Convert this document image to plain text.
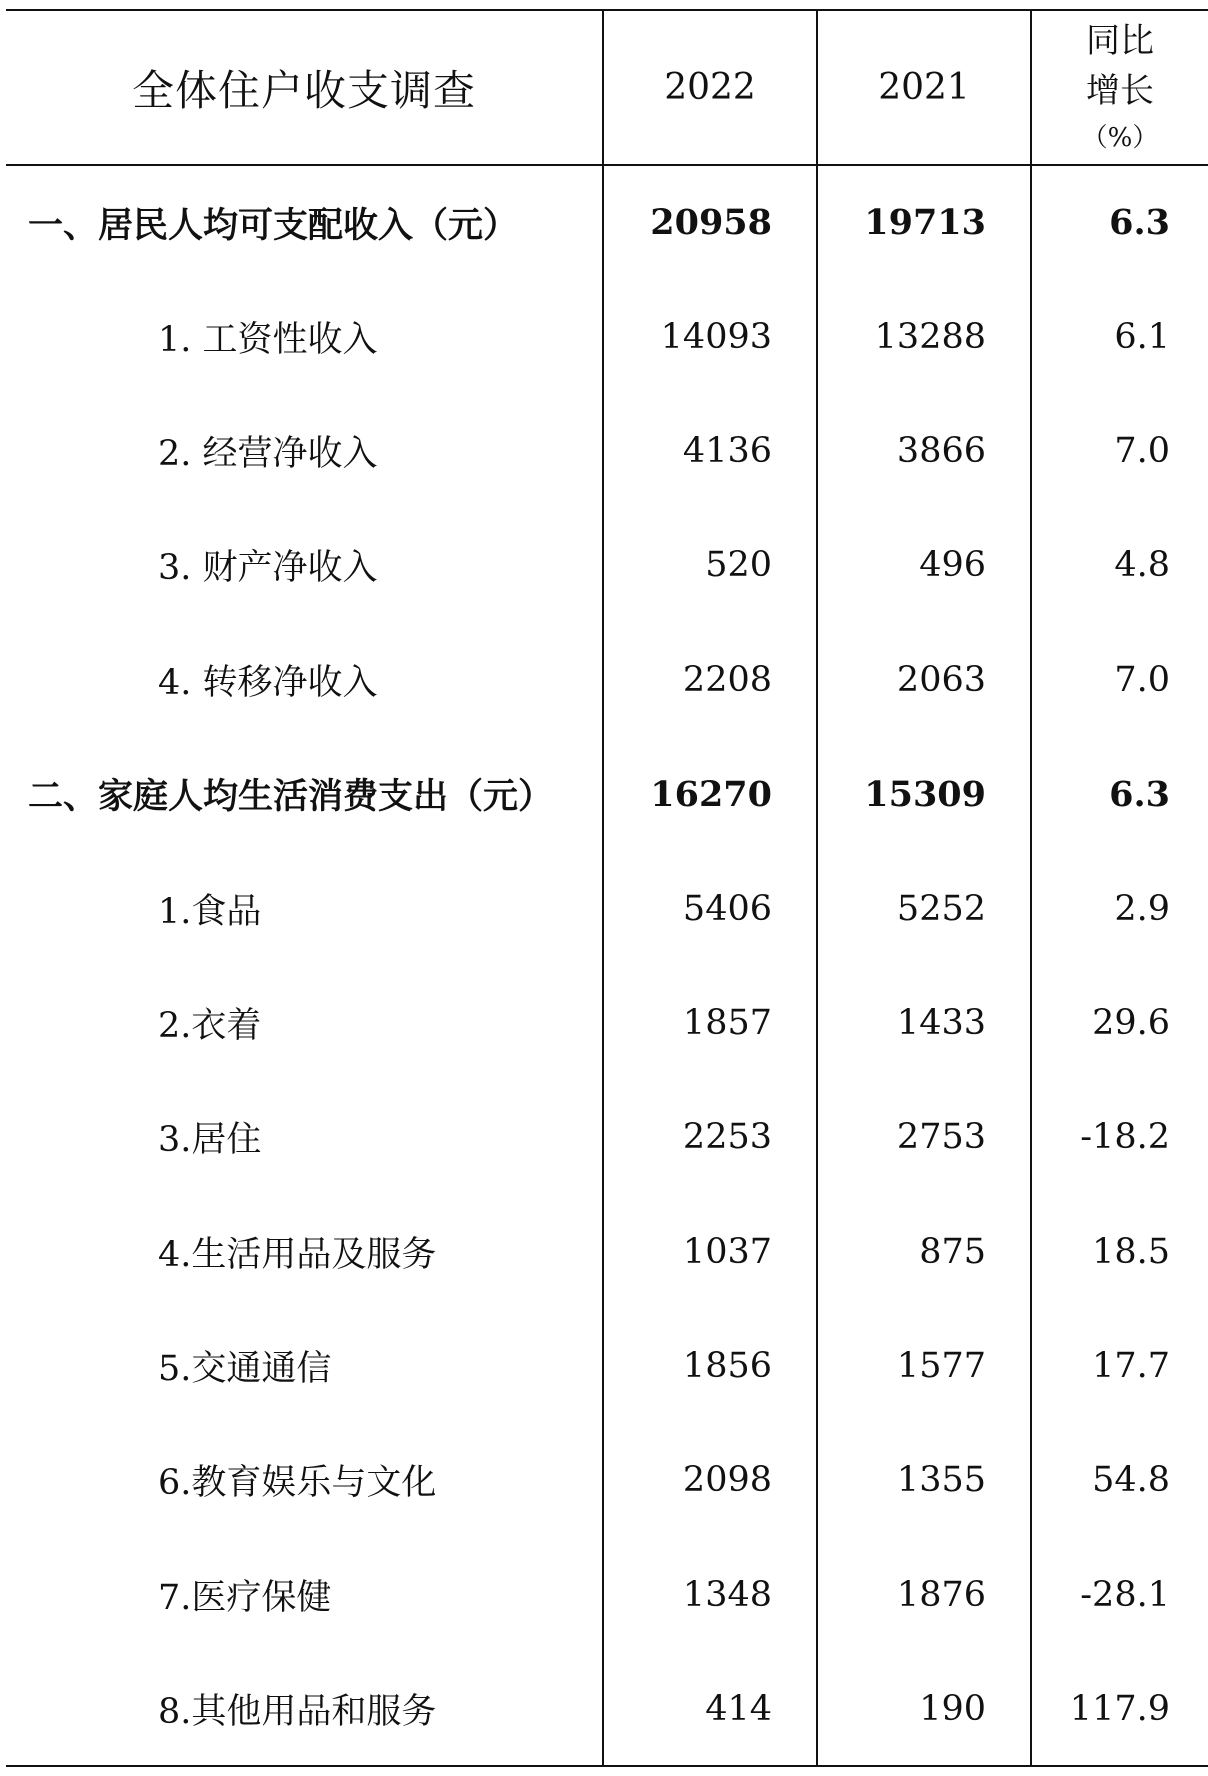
全体住户收支调查	2022	2021	同比
增长
（%）

一、居民人均可支配收入（元）	20958	19713	6.3
1. 工资性收入	14093	13288	6.1
2. 经营净收入	4136	3866	7.0
3. 财产净收入	520	496	4.8
4. 转移净收入	2208	2063	7.0
二、家庭人均生活消费支出（元）	16270	15309	6.3
1.食品	5406	5252	2.9
2.衣着	1857	1433	29.6
3.居住	2253	2753	-18.2
4.生活用品及服务	1037	875	18.5
5.交通通信	1856	1577	17.7
6.教育娱乐与文化	2098	1355	54.8
7.医疗保健	1348	1876	-28.1
8.其他用品和服务	414	190	117.9
